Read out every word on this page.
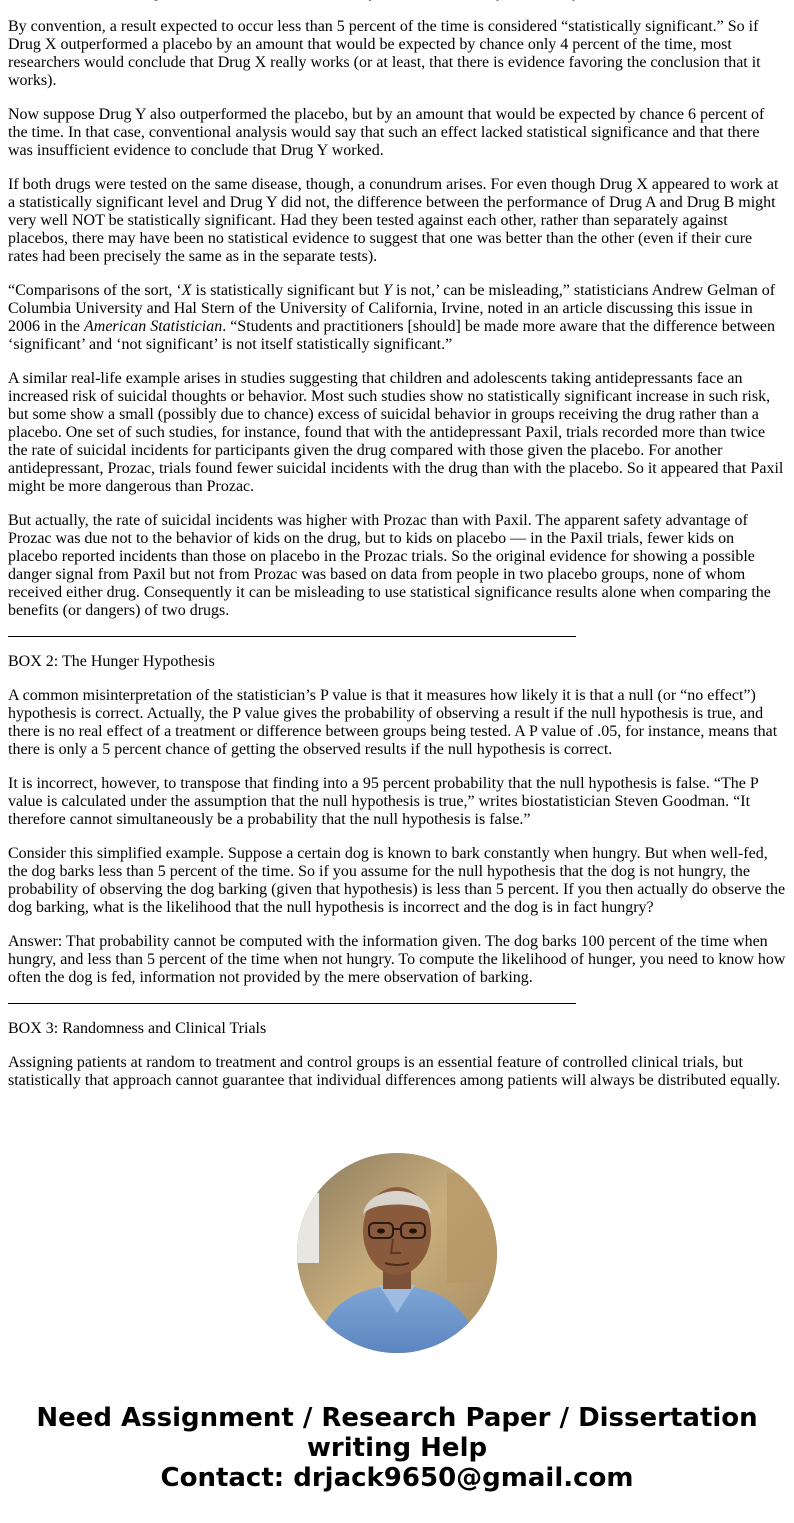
By convention, a result expected to occur less than 5 percent of the time is considered “statistically significant.” So if Drug X outperformed a placebo by an amount that would be expected by chance only 4 percent of the time, most researchers would conclude that Drug X really works (or at least, that there is evidence favoring the conclusion that it works).

Now suppose Drug Y also outperformed the placebo, but by an amount that would be expected by chance 6 percent of the time. In that case, conventional analysis would say that such an effect lacked statistical significance and that there was insufficient evidence to conclude that Drug Y worked.

If both drugs were tested on the same disease, though, a conundrum arises. For even though Drug X appeared to work at a statistically significant level and Drug Y did not, the difference between the performance of Drug A and Drug B might very well NOT be statistically significant. Had they been tested against each other, rather than separately against placebos, there may have been no statistical evidence to suggest that one was better than the other (even if their cure rates had been precisely the same as in the separate tests).

“Comparisons of the sort, ‘X is statistically significant but Y is not,’ can be misleading,” statisticians Andrew Gelman of Columbia University and Hal Stern of the University of California, Irvine, noted in an article discussing this issue in 2006 in the American Statistician. “Students and practitioners [should] be made more aware that the difference between ‘significant’ and ‘not significant’ is not itself statistically significant.”

A similar real-life example arises in studies suggesting that children and adolescents taking antidepressants face an increased risk of suicidal thoughts or behavior. Most such studies show no statistically significant increase in such risk, but some show a small (possibly due to chance) excess of suicidal behavior in groups receiving the drug rather than a placebo. One set of such studies, for instance, found that with the antidepressant Paxil, trials recorded more than twice the rate of suicidal incidents for participants given the drug compared with those given the placebo. For another antidepressant, Prozac, trials found fewer suicidal incidents with the drug than with the placebo. So it appeared that Paxil might be more dangerous than Prozac.

But actually, the rate of suicidal incidents was higher with Prozac than with Paxil. The apparent safety advantage of Prozac was due not to the behavior of kids on the drug, but to kids on placebo — in the Paxil trials, fewer kids on placebo reported incidents than those on placebo in the Prozac trials. So the original evidence for showing a possible danger signal from Paxil but not from Prozac was based on data from people in two placebo groups, none of whom received either drug. Consequently it can be misleading to use statistical significance results alone when comparing the benefits (or dangers) of two drugs.

BOX 2: The Hunger Hypothesis

A common misinterpretation of the statistician’s P value is that it measures how likely it is that a null (or “no effect”) hypothesis is correct. Actually, the P value gives the probability of observing a result if the null hypothesis is true, and there is no real effect of a treatment or difference between groups being tested. A P value of .05, for instance, means that there is only a 5 percent chance of getting the observed results if the null hypothesis is correct.

It is incorrect, however, to transpose that finding into a 95 percent probability that the null hypothesis is false. “The P value is calculated under the assumption that the null hypothesis is true,” writes biostatistician Steven Goodman. “It therefore cannot simultaneously be a probability that the null hypothesis is false.”

Consider this simplified example. Suppose a certain dog is known to bark constantly when hungry. But when well-fed, the dog barks less than 5 percent of the time. So if you assume for the null hypothesis that the dog is not hungry, the probability of observing the dog barking (given that hypothesis) is less than 5 percent. If you then actually do observe the dog barking, what is the likelihood that the null hypothesis is incorrect and the dog is in fact hungry?

Answer: That probability cannot be computed with the information given. The dog barks 100 percent of the time when hungry, and less than 5 percent of the time when not hungry. To compute the likelihood of hunger, you need to know how often the dog is fed, information not provided by the mere observation of barking.

BOX 3: Randomness and Clinical Trials

Assigning patients at random to treatment and control groups is an essential feature of controlled clinical trials, but statistically that approach cannot guarantee that individual differences among patients will always be distributed equally.

Need Assignment / Research Paper / Dissertation
writing Help
Contact: drjack9650@gmail.com
